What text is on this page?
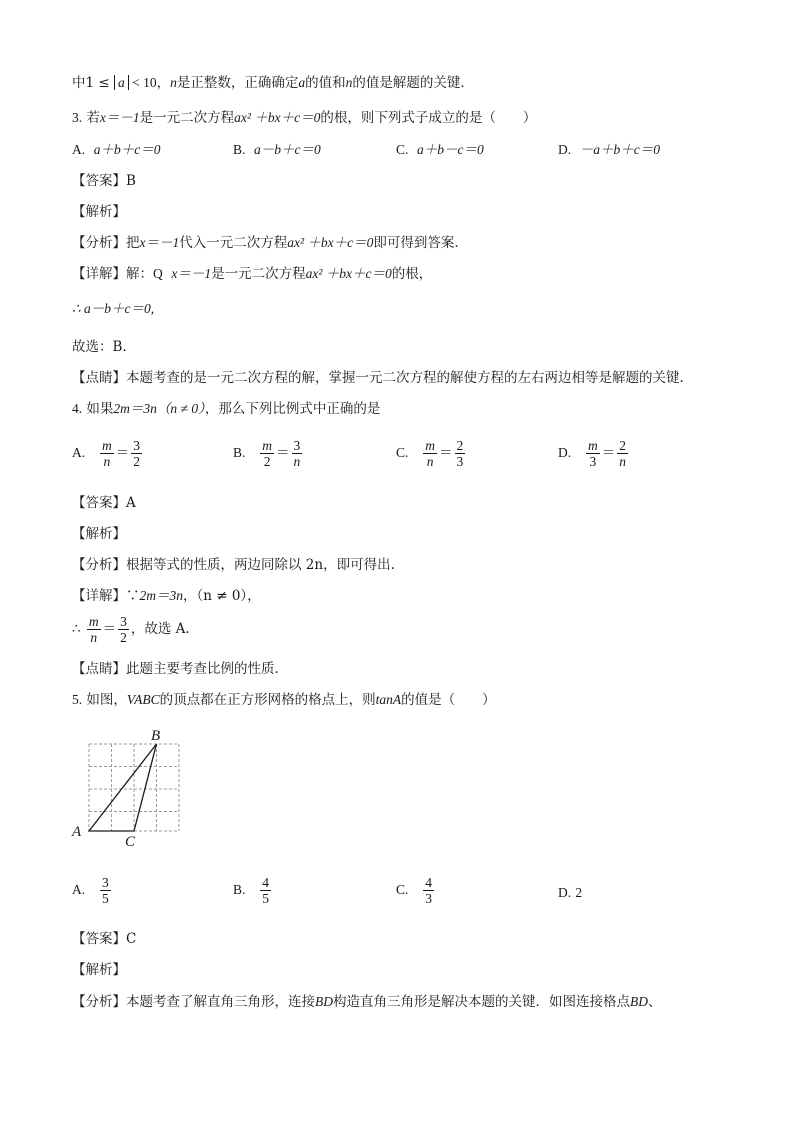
中1 ≤ a < 10，n是正整数，正确确定a的值和n的值是解题的关键．
3. 若x＝－1是一元二次方程ax² ＋bx＋c＝0的根，则下列式子成立的是（　　）
A. a＋b＋c＝0	B. a－b＋c＝0	C. a＋b－c＝0	D. －a＋b＋c＝0
【答案】B
【解析】
【分析】把x＝－1代入一元二次方程ax² ＋bx＋c＝0即可得到答案.
【详解】解：Q x＝－1是一元二次方程ax² ＋bx＋c＝0的根，
∴ a－b＋c＝0,
故选：B.
【点睛】本题考查的是一元二次方程的解，掌握一元二次方程的解使方程的左右两边相等是解题的关键.
4. 如果2m＝3n（n ≠ 0），那么下列比例式中正确的是
A. $\frac{m}{n} = \frac{3}{2}$	B. $\frac{m}{2} = \frac{3}{n}$	C. $\frac{m}{n} = \frac{2}{3}$	D. $\frac{m}{3} = \frac{2}{n}$
【答案】A
【解析】
【分析】根据等式的性质，两边同除以 2n，即可得出.
【详解】∵2m＝3n，（n ≠ 0），
∴ $\frac{m}{n} = \frac{3}{2}$ ，故选 A.
【点睛】此题主要考查比例的性质.
5. 如图，VABC的顶点都在正方形网格的格点上，则tanA的值是（　　）
A
B
C
A. $\frac{3}{5}$	B. $\frac{4}{5}$	C. $\frac{4}{3}$	D. 2
【答案】C
【解析】
【分析】本题考查了解直角三角形，连接BD构造直角三角形是解决本题的关键．如图连接格点BD、
